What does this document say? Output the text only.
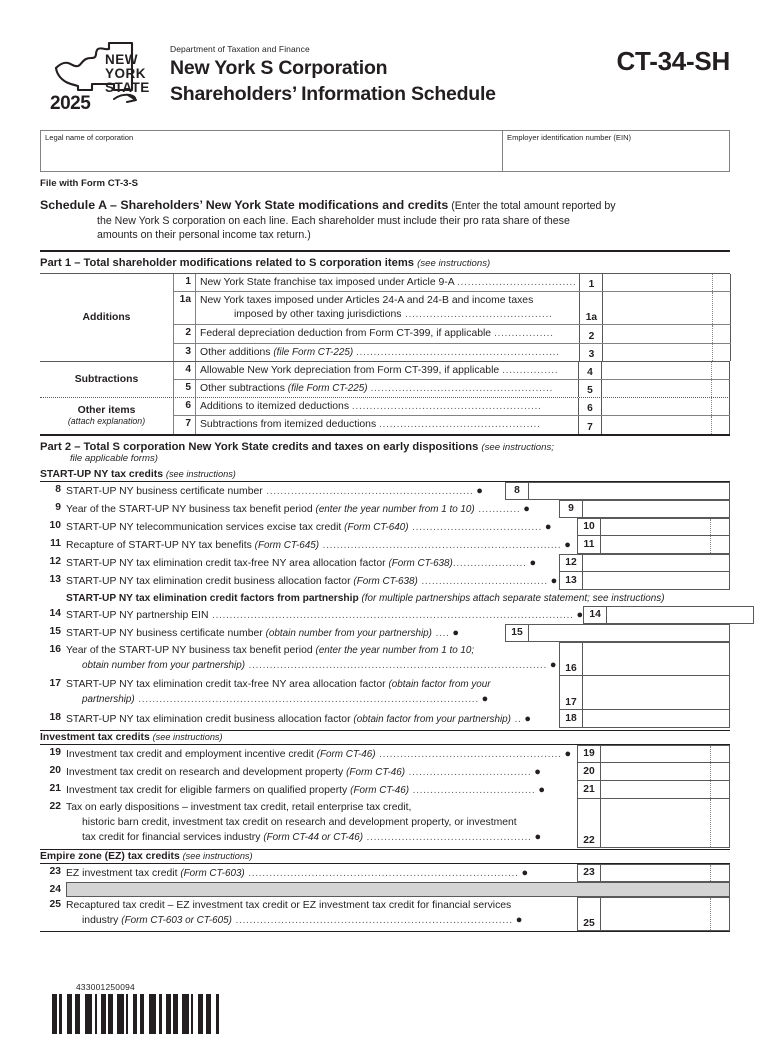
NEW
YORK
STATE
2025
Department of Taxation and Finance
New York S Corporation
Shareholders’ Information Schedule
CT-34-SH
Legal name of corporation	Employer identification number (EIN)
File with Form CT-3-S
Schedule A – Shareholders’ New York State modifications and credits (Enter the total amount reported by
the New York S corporation on each line. Each shareholder must include their pro rata share of these
amounts on their personal income tax return.)
Part 1 – Total shareholder modifications related to S corporation items (see instructions)
Additions
1 New York State franchise tax imposed under Article 9-A ..................................	1
1a New York taxes imposed under Articles 24-A and 24-B and income taxes
imposed by other taxing jurisdictions ..........................................	1a
2 Federal depreciation deduction from Form CT-399, if applicable .................	2
3 Other additions (file Form CT-225) ..........................................................	3
Subtractions
4 Allowable New York depreciation from Form CT-399, if applicable ................	4
5 Other subtractions (file Form CT-225) ....................................................	5
Other items
(attach explanation)
6 Additions to itemized deductions ......................................................	6
7 Subtractions from itemized deductions ..............................................	7
Part 2 – Total S corporation New York State credits and taxes on early dispositions (see instructions;
file applicable forms)
START-UP NY tax credits (see instructions)
8 START-UP NY business certificate number ........................................................... ●	8
9 Year of the START-UP NY business tax benefit period (enter the year number from 1 to 10) ............ ●	9
10 START-UP NY telecommunication services excise tax credit (Form CT-640) ..................................... ●	10
11 Recapture of START-UP NY tax benefits (Form CT-645) .................................................................... ●	11
12 START-UP NY tax elimination credit tax-free NY area allocation factor (Form CT-638)..................... ●	12
13 START-UP NY tax elimination credit business allocation factor (Form CT-638) .................................... ● 13
START-UP NY tax elimination credit factors from partnership (for multiple partnerships attach separate statement; see instructions)
14 START-UP NY partnership EIN ....................................................................................................... ● 14
15 START-UP NY business certificate number (obtain number from your partnership) .... ●	15
16 Year of the START-UP NY business tax benefit period (enter the year number from 1 to 10;
obtain number from your partnership) ..................................................................................... ● 16
17 START-UP NY tax elimination credit tax-free NY area allocation factor (obtain factor from your
partnership) ................................................................................................. ●	17
18 START-UP NY tax elimination credit business allocation factor (obtain factor from your partnership) .. ●	18
Investment tax credits (see instructions)
19 Investment tax credit and employment incentive credit (Form CT-46) .................................................... ●	19
20 Investment tax credit on research and development property (Form CT-46) ................................... ●	20
21 Investment tax credit for eligible farmers on qualified property (Form CT-46) ................................... ●	21
22 Tax on early dispositions – investment tax credit, retail enterprise tax credit,
historic barn credit, investment tax credit on research and development property, or investment
tax credit for financial services industry (Form CT-44 or CT-46) ............................................... ●	22
Empire zone (EZ) tax credits (see instructions)
23 EZ investment tax credit (Form CT-603) ............................................................................. ●	23
24
25 Recaptured tax credit – EZ investment tax credit or EZ investment tax credit for financial services
industry (Form CT-603 or CT-605) ............................................................................... ●	25
433001250094
